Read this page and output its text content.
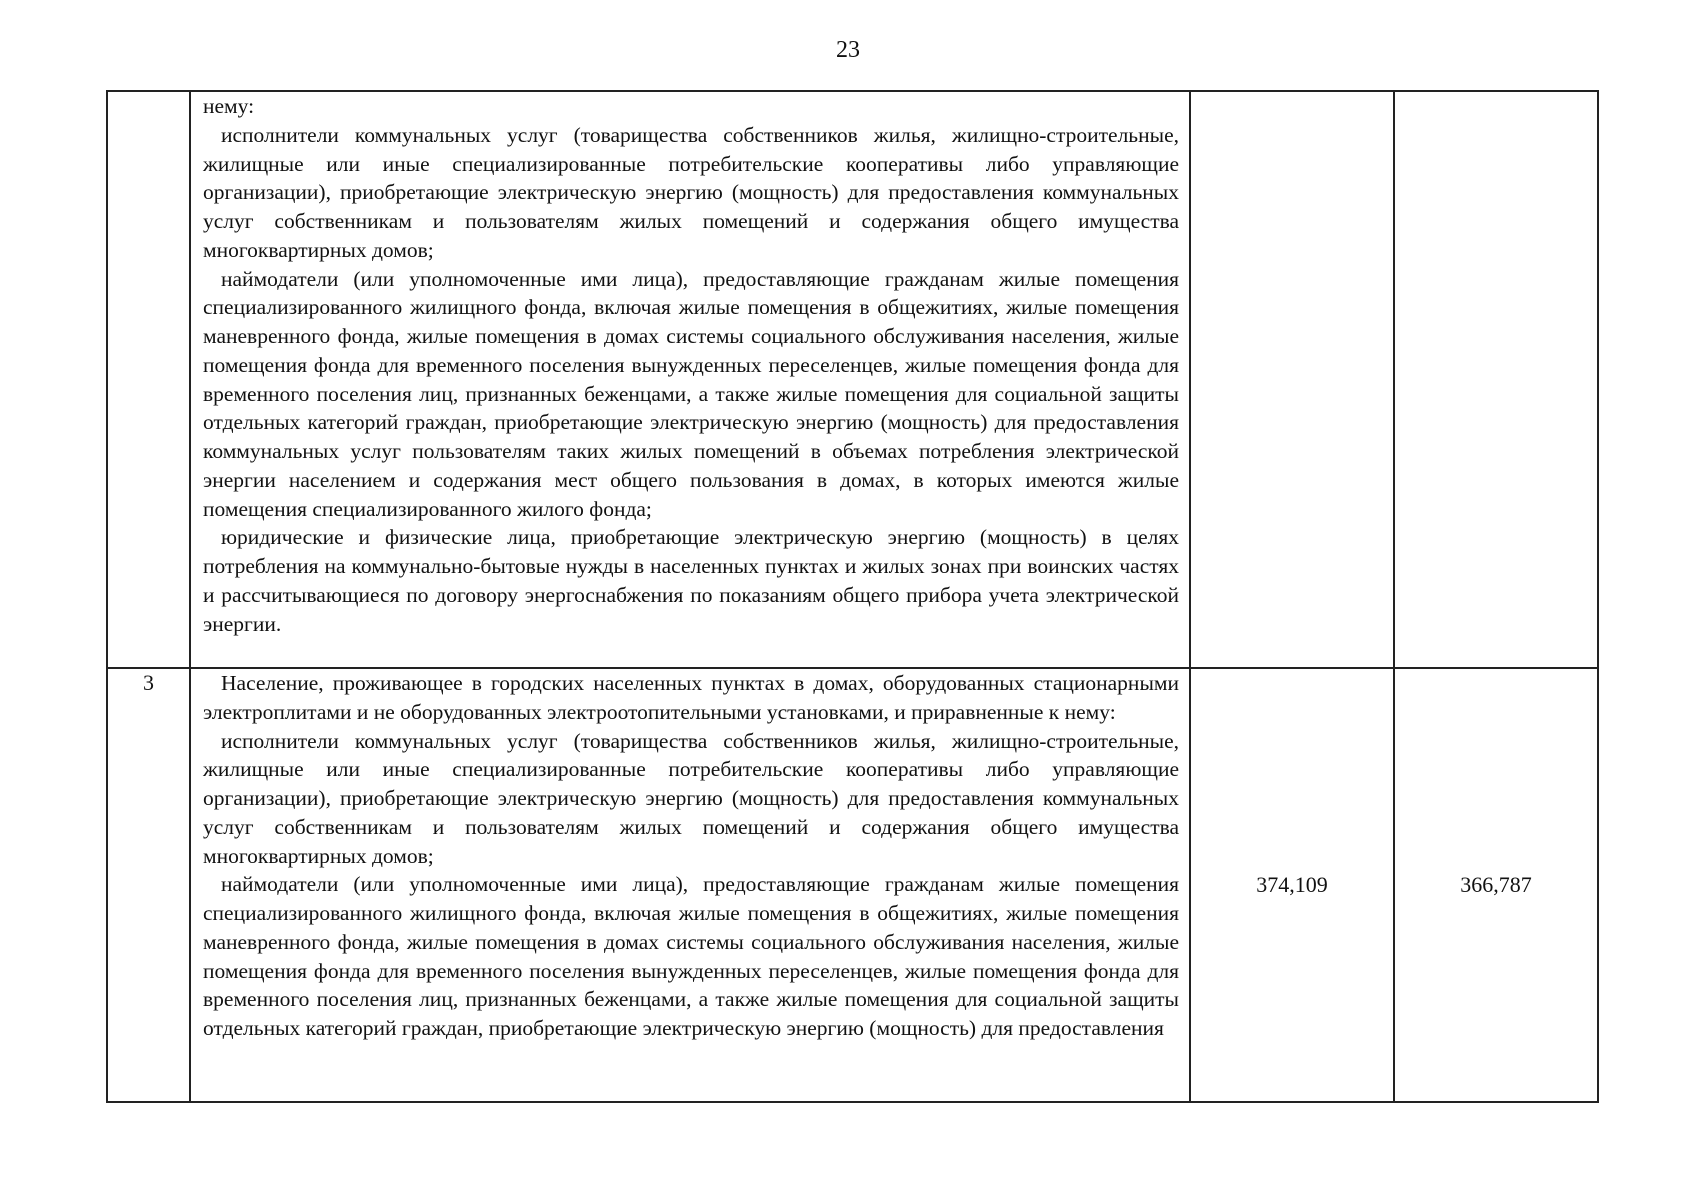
23

	нему:

исполнители коммунальных услуг (товарищества собственников жилья, жилищно-строительные, жилищные или иные специализированные потребительские кооперативы либо управляющие организации), приобретающие электрическую энергию (мощность) для предоставления коммунальных услуг собственникам и пользователям жилых помещений и содержания общего имущества многоквартирных домов;

наймодатели (или уполномоченные ими лица), предоставляющие гражданам жилые помещения специализированного жилищного фонда, включая жилые помещения в общежитиях, жилые помещения маневренного фонда, жилые помещения в домах системы социального обслуживания населения, жилые помещения фонда для временного поселения вынужденных переселенцев, жилые помещения фонда для временного поселения лиц, признанных беженцами, а также жилые помещения для социальной защиты отдельных категорий граждан, приобретающие электрическую энергию (мощность) для предоставления коммунальных услуг пользователям таких жилых помещений в объемах потребления электрической энергии населением и содержания мест общего пользования в домах, в которых имеются жилые помещения специализированного жилого фонда;

юридические и физические лица, приобретающие электрическую энергию (мощность) в целях потребления на коммунально-бытовые нужды в населенных пунктах и жилых зонах при воинских частях и рассчитывающиеся по договору энергоснабжения по показаниям общего прибора учета электрической энергии.		

3	Население, проживающее в городских населенных пунктах в домах, оборудованных стационарными электроплитами и не оборудованных электроотопительными установками, и приравненные к нему:

исполнители коммунальных услуг (товарищества собственников жилья, жилищно-строительные, жилищные или иные специализированные потребительские кооперативы либо управляющие организации), приобретающие электрическую энергию (мощность) для предоставления коммунальных услуг собственникам и пользователям жилых помещений и содержания общего имущества многоквартирных домов;

наймодатели (или уполномоченные ими лица), предоставляющие гражданам жилые помещения специализированного жилищного фонда, включая жилые помещения в общежитиях, жилые помещения маневренного фонда, жилые помещения в домах системы социального обслуживания населения, жилые помещения фонда для временного поселения вынужденных переселенцев, жилые помещения фонда для временного поселения лиц, признанных беженцами, а также жилые помещения для социальной защиты отдельных категорий граждан, приобретающие электрическую энергию (мощность) для предоставления	374,109	366,787
